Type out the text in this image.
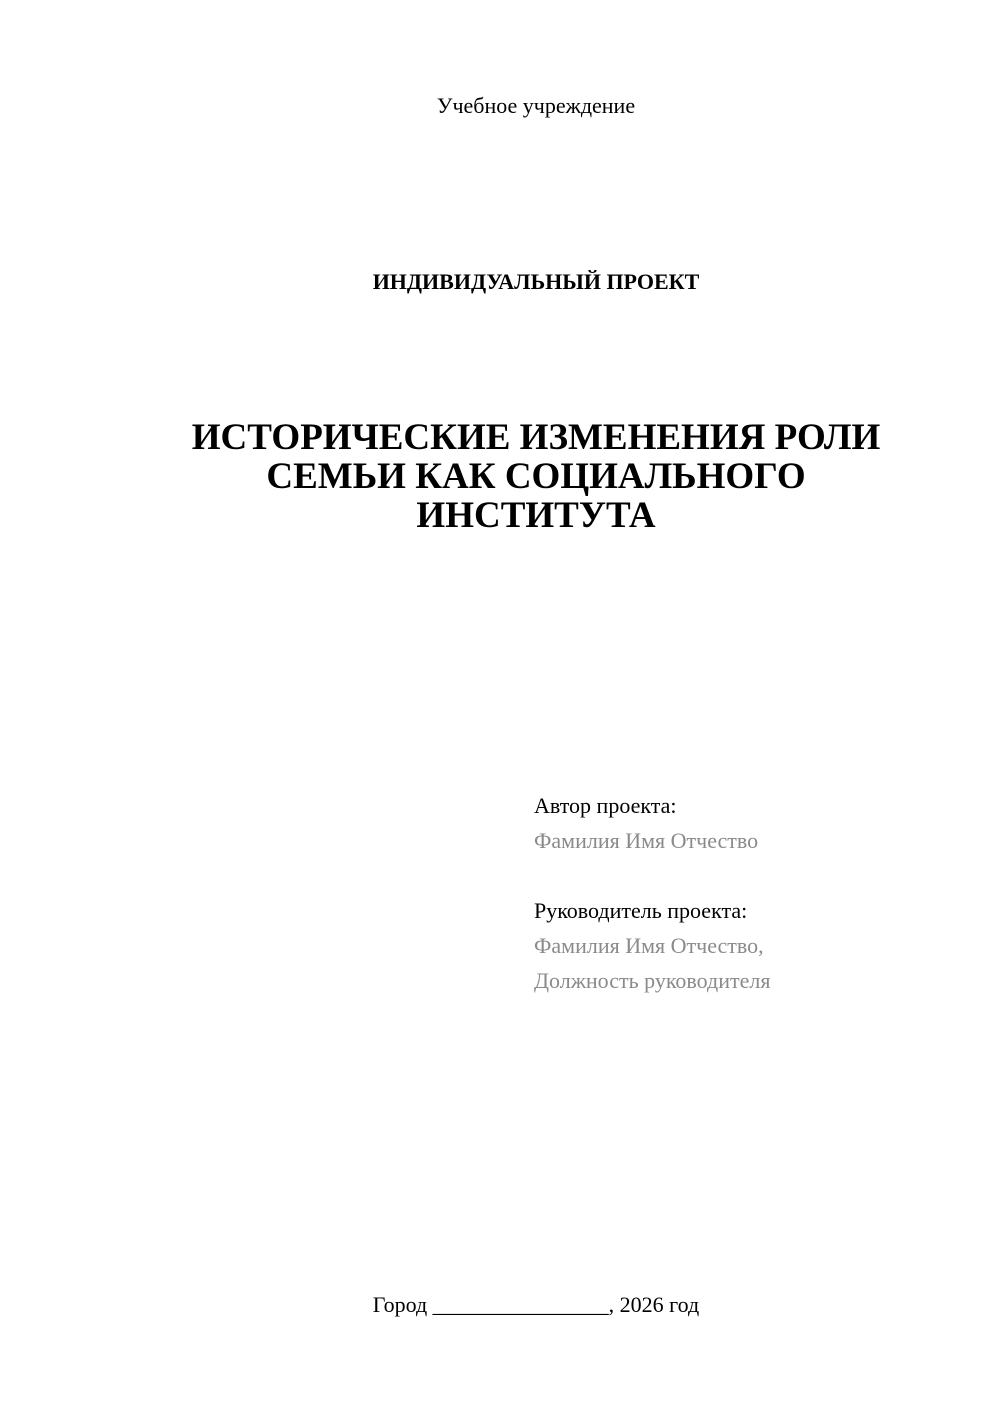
Учебное учреждение
ИНДИВИДУАЛЬНЫЙ ПРОЕКТ
ИСТОРИЧЕСКИЕ ИЗМЕНЕНИЯ РОЛИ
СЕМЬИ КАК СОЦИАЛЬНОГО
ИНСТИТУТА
Автор проекта:
Фамилия Имя Отчество
Руководитель проекта:
Фамилия Имя Отчество,
Должность руководителя
Город ________________, 2026 год
